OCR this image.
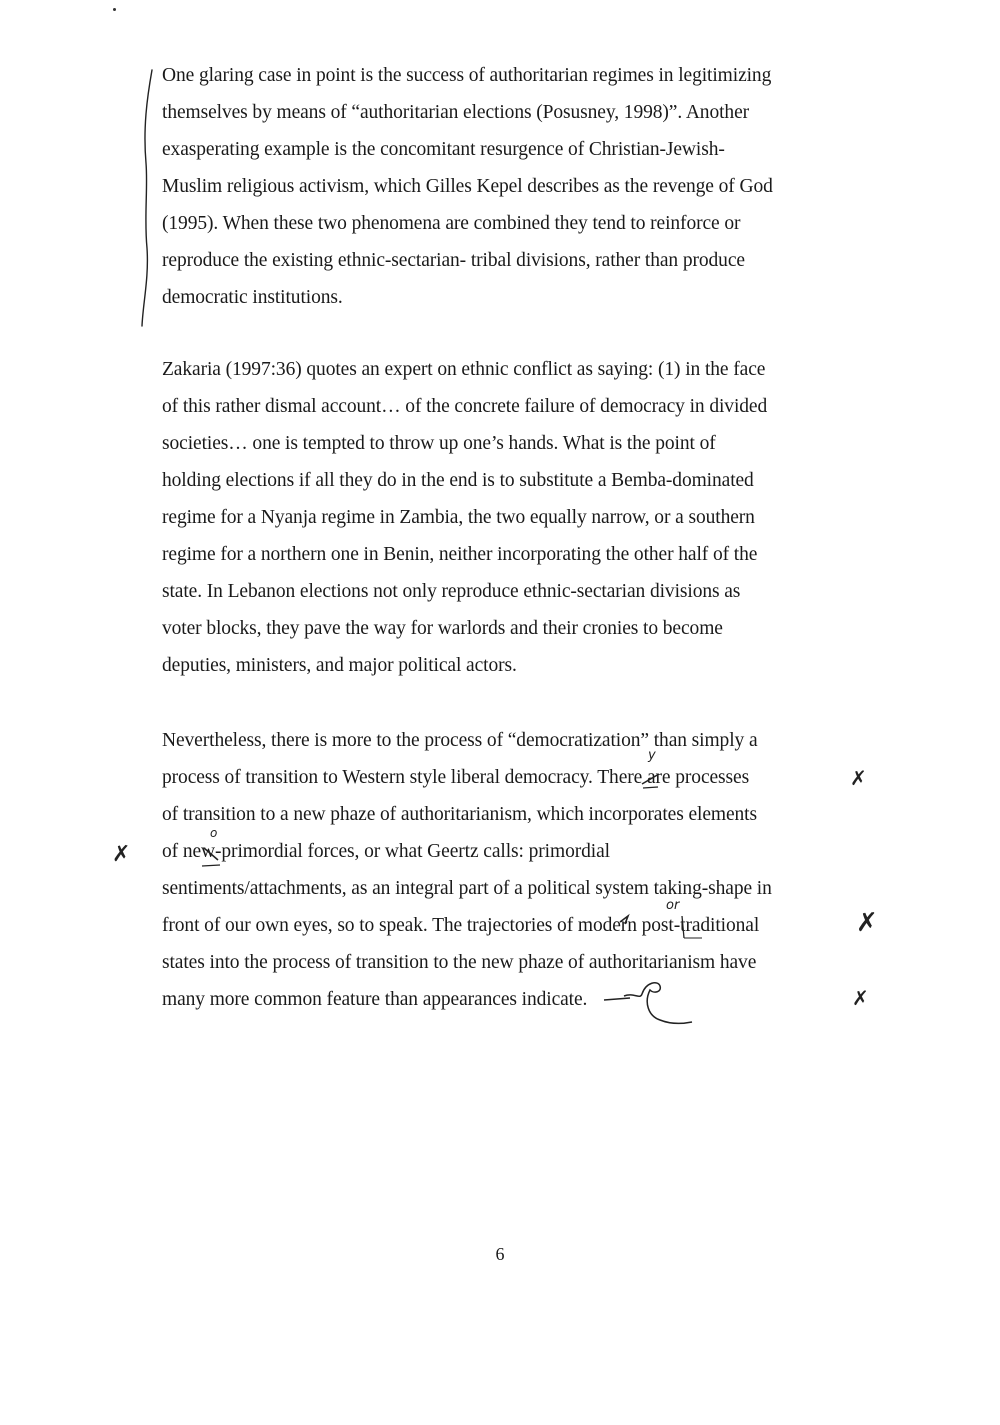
One glaring case in point is the success of authoritarian regimes in legitimizing
themselves by means of “authoritarian elections (Posusney, 1998)”. Another
exasperating example is the concomitant resurgence of Christian-Jewish-
Muslim religious activism, which Gilles Kepel describes as the revenge of God
(1995). When these two phenomena are combined they tend to reinforce or
reproduce the existing ethnic-sectarian- tribal divisions, rather than produce
democratic institutions.
Zakaria (1997:36) quotes an expert on ethnic conflict as saying: (1) in the face
of this rather dismal account… of the concrete failure of democracy in divided
societies… one is tempted to throw up one’s hands. What is the point of
holding elections if all they do in the end is to substitute a Bemba-dominated
regime for a Nyanja regime in Zambia, the two equally narrow, or a southern
regime for a northern one in Benin, neither incorporating the other half of the
state. In Lebanon elections not only reproduce ethnic-sectarian divisions as
voter blocks, they pave the way for warlords and their cronies to become
deputies, ministers, and major political actors.
Nevertheless, there is more to the process of “democratization” than simply a
process of transition to Western style liberal democracy. There are processes
of transition to a new phaze of authoritarianism, which incorporates elements
of new-primordial forces, or what Geertz calls: primordial
sentiments/attachments, as an integral part of a political system taking-shape in
front of our own eyes, so to speak. The trajectories of modern post-traditional
states into the process of transition to the new phaze of authoritarianism have
many more common feature than appearances indicate.
y
o
or
✗
✗
✗
✗
6
